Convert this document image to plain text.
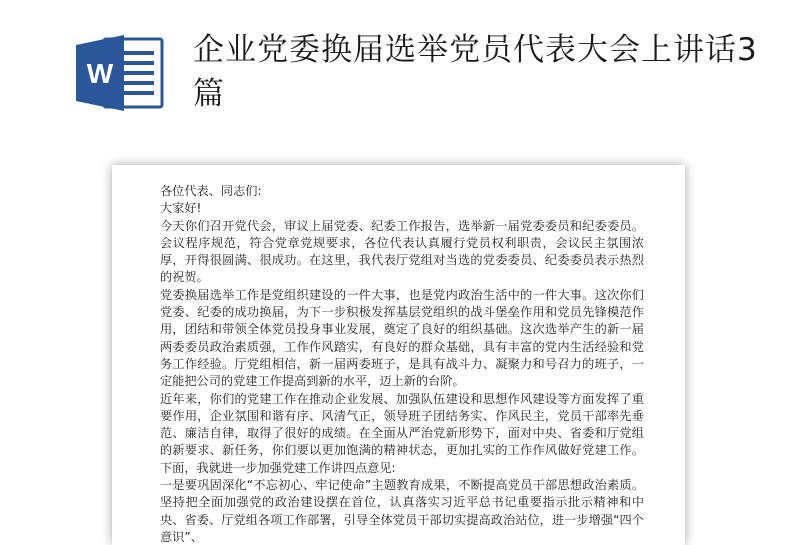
W
企业党委换届选举党员代表大会上讲话3篇

各位代表、同志们:

大家好!

今天你们召开党代会，审议上届党委、纪委工作报告，选举新一届党委委员和纪委委员。会议程序规范，符合党章党规要求，各位代表认真履行党员权利职责，会议民主氛围浓厚，开得很圆满、很成功。在这里，我代表厅党组对当选的党委委员、纪委委员表示热烈的祝贺。

党委换届选举工作是党组织建设的一件大事，也是党内政治生活中的一件大事。这次你们党委、纪委的成功换届，为下一步积极发挥基层党组织的战斗堡垒作用和党员先锋模范作用，团结和带领全体党员投身事业发展，奠定了良好的组织基础。这次选举产生的新一届两委委员政治素质强，工作作风踏实，有良好的群众基础，具有丰富的党内生活经验和党务工作经验。厅党组相信，新一届两委班子，是具有战斗力、凝聚力和号召力的班子，一定能把公司的党建工作提高到新的水平，迈上新的台阶。

近年来，你们的党建工作在推动企业发展、加强队伍建设和思想作风建设等方面发挥了重要作用，企业氛围和谐有序、风清气正，领导班子团结务实、作风民主，党员干部率先垂范、廉洁自律，取得了很好的成绩。在全面从严治党新形势下，面对中央、省委和厅党组的新要求、新任务，你们要以更加饱满的精神状态，更加扎实的工作作风做好党建工作。下面，我就进一步加强党建工作讲四点意见:

一是要巩固深化“不忘初心、牢记使命”主题教育成果，不断提高党员干部思想政治素质。坚持把全面加强党的政治建设摆在首位，认真落实习近平总书记重要指示批示精神和中央、省委、厅党组各项工作部署，引导全体党员干部切实提高政治站位，进一步增强“四个意识”、
